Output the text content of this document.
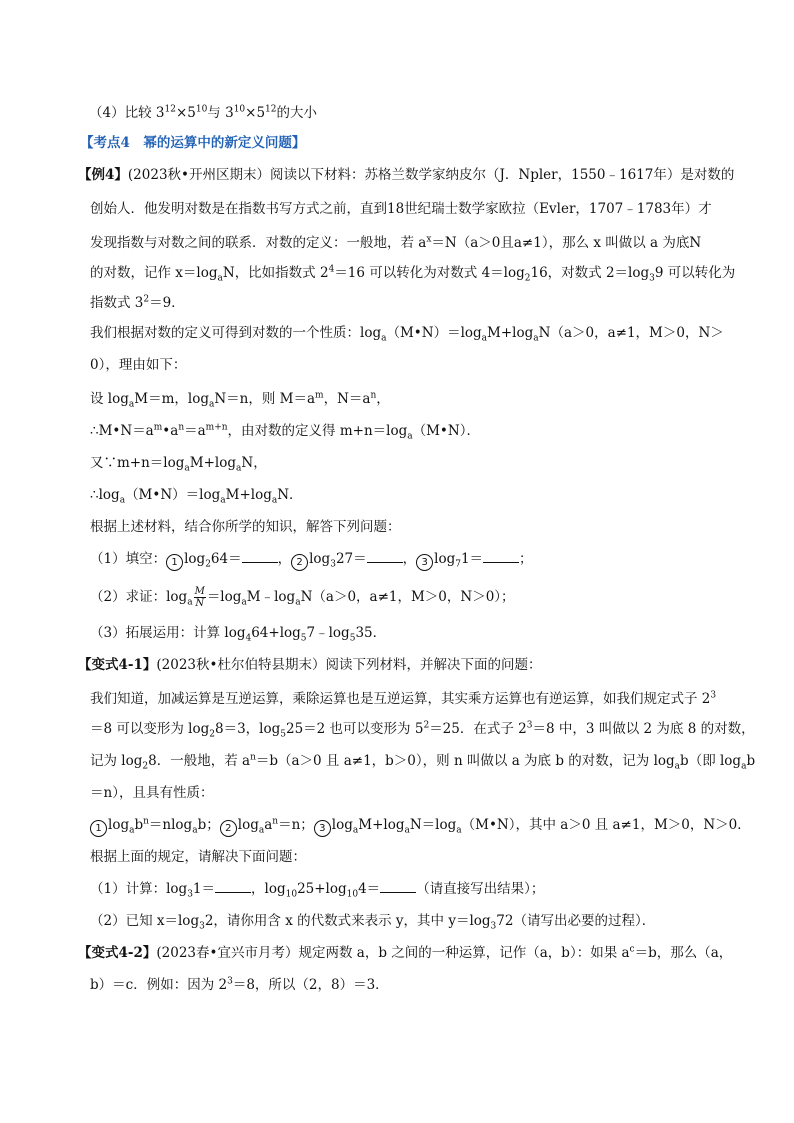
（4）比较 $3^{12}\times 5^{10}$与 $3^{10}\times 5^{12}$的大小
【考点4　幂的运算中的新定义问题】
【例4】(2023秋•开州区期末）阅读以下材料：苏格兰数学家纳皮尔（J．Npler，1550﹣1617年）是对数的
创始人．他发明对数是在指数书写方式之前，直到18世纪瑞士数学家欧拉（Evler，1707﹣1783年）才
发现指数与对数之间的联系．对数的定义：一般地，若 $a^x=N(a>0$且a≠1），那么 x 叫做以 a 为底N
的对数，记作 $x=\log_aN$，比如指数式 $2^4=16$ 可以转化为对数式 $4=\log_216$，对数式 $2=\log_39$ 可以转化为
指数式 $3^2=9$．
我们根据对数的定义可得到对数的一个性质：$\log_a(M•N)=\log_aM+\log_aN(a>0$，a≠1，M＞0，N＞
0），理由如下：
设 $\log_aM=m$，$\log_aN=n$，则 $M=a^m$，$N=a^n$，
$\therefore M•N=a^m•a^n=a^{m+n}$，由对数的定义得 $m+n=\log_a(M•N)$．
又$\because m+n=\log_aM+\log_aN$，
$\therefore\log_a(M•N)=\log_aM+\log_aN$．
根据上述材料，结合你所学的知识，解答下列问题：
（1）填空： 1 $\log_264=$	， 2 $\log_327=$	， 3 $\log_71=$	；
（2）求证：$\log_a \frac{M}{N}$ $=\log_aM﹣\log_aN(a>0$，a≠1，M＞0，N＞0）；
（3）拓展运用：计算 $\log_464+\log_57﹣\log_535$．
【变式4-1】(2023秋•杜尔伯特县期末）阅读下列材料，并解决下面的问题：
我们知道，加减运算是互逆运算，乘除运算也是互逆运算，其实乘方运算也有逆运算，如我们规定式子 $2^3$
＝8 可以变形为 $\log_28=3$，$\log_525=2$ 也可以变形为 $5^2=25$．在式子 $2^3=8$ 中，3 叫做以 2 为底 8 的对数，
记为 $\log_28$．一般地，若 $a^n=b(a>0$ 且 a≠1，b＞0），则 n 叫做以 a 为底 b 的对数，记为 $\log_ab$（即 $\log_ab$
＝n），且具有性质：
1 $\log_ab^n=nlog_ab$； 2 $\log_aa^n=n$； 3 $\log_aM+\log_aN=\log_a(M•N)$，其中 a＞0 且 a≠1，M＞0，N＞0．
根据上面的规定，请解决下面问题：
（1）计算：$\log_31=$	，$\log_{10}25+\log_{10}4=$	（请直接写出结果）；
（2）已知 $x=\log_32$，请你用含 x 的代数式来表示 y，其中 $y=\log_372$（请写出必要的过程）．
【变式4-2】(2023春•宜兴市月考）规定两数 a，b 之间的一种运算，记作（a，b）：如果 $a^c=b$，那么（a，
b）＝c．例如：因为 $2^3=8$，所以（2，8）＝3．
